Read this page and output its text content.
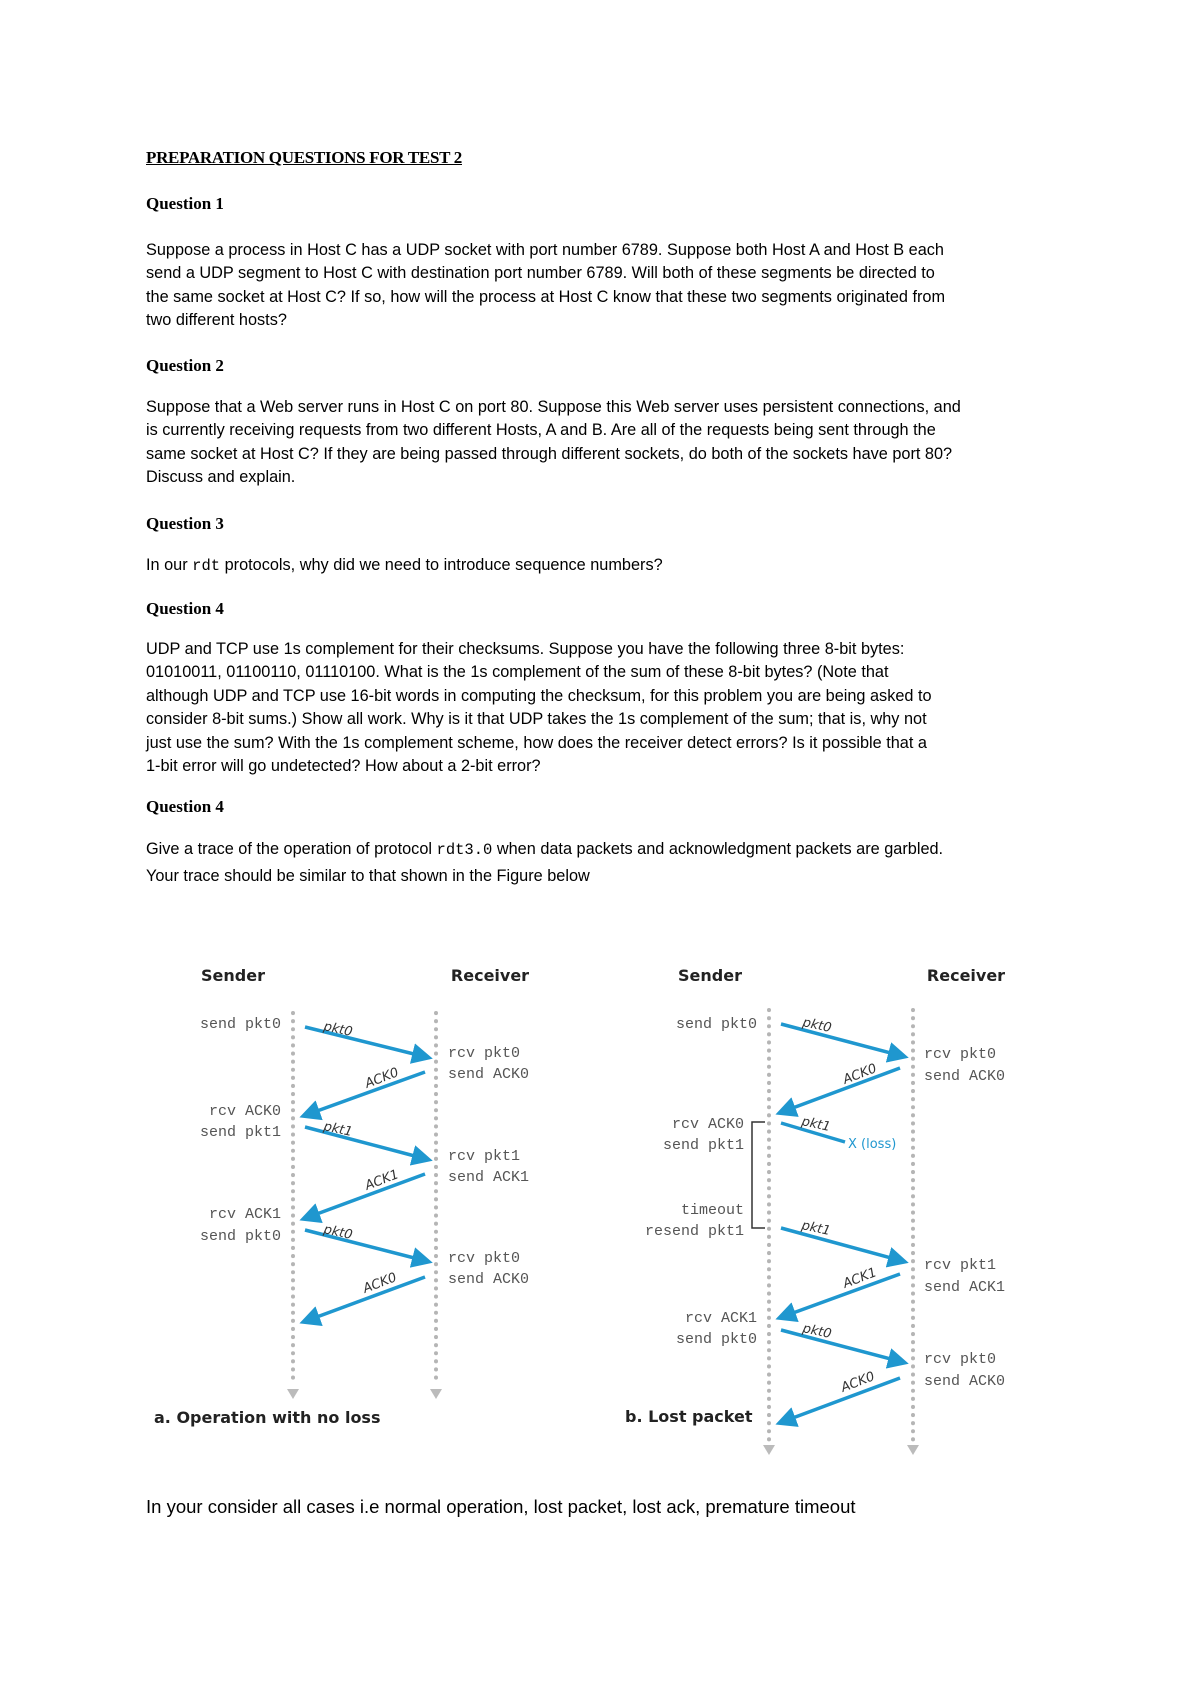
PREPARATION QUESTIONS FOR TEST 2
Question 1
Suppose a process in Host C has a UDP socket with port number 6789. Suppose both Host A and Host B each
send a UDP segment to Host C with destination port number 6789. Will both of these segments be directed to
the same socket at Host C? If so, how will the process at Host C know that these two segments originated from
two different hosts?
Question 2
Suppose that a Web server runs in Host C on port 80. Suppose this Web server uses persistent connections, and
is currently receiving requests from two different Hosts, A and B. Are all of the requests being sent through the
same socket at Host C? If they are being passed through different sockets, do both of the sockets have port 80?
Discuss and explain.
Question 3
In our rdt protocols, why did we need to introduce sequence numbers?
Question 4
UDP and TCP use 1s complement for their checksums. Suppose you have the following three 8-bit bytes:
01010011, 01100110, 01110100. What is the 1s complement of the sum of these 8-bit bytes? (Note that
although UDP and TCP use 16-bit words in computing the checksum, for this problem you are being asked to
consider 8-bit sums.) Show all work. Why is it that UDP takes the 1s complement of the sum; that is, why not
just use the sum? With the 1s complement scheme, how does the receiver detect errors? Is it possible that a
1-bit error will go undetected? How about a 2-bit error?
Question 4
Give a trace of the operation of protocol rdt3.0 when data packets and acknowledgment packets are garbled.
Your trace should be similar to that shown in the Figure below
Sender	Receiver
send pkt0
rcv ACK0
send pkt1
rcv ACK1
send pkt0
rcv pkt0
send ACK0
rcv pkt1
send ACK1
rcv pkt0
send ACK0
pkt0
ACK0
pkt1
ACK1
pkt0
ACK0
a. Operation with no loss
Sender	Receiver
send pkt0
rcv ACK0
send pkt1
timeout
resend pkt1
rcv ACK1
send pkt0
rcv pkt0
send ACK0
rcv pkt1
send ACK1
rcv pkt0
send ACK0
X (loss)
pkt0
ACK0
pkt1
pkt1
ACK1
pkt0
ACK0
b. Lost packet
In your consider all cases i.e normal operation, lost packet, lost ack, premature timeout
